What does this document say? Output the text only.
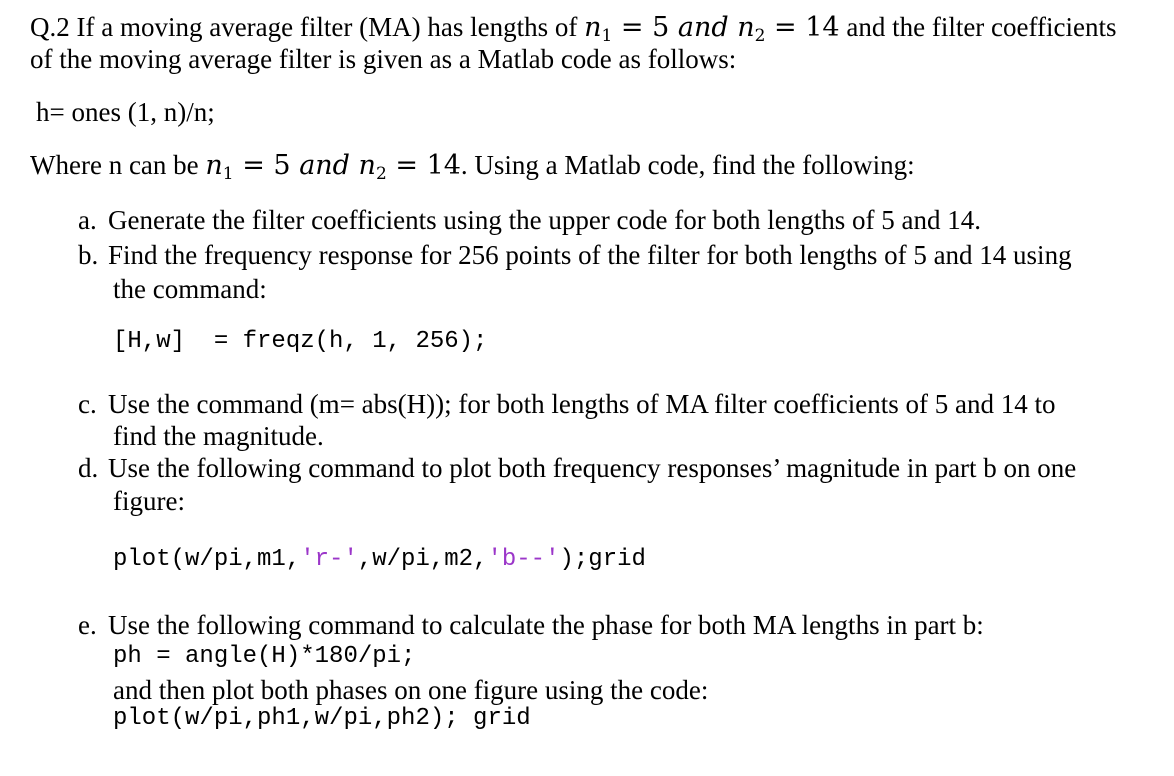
Q.2 If a moving average filter (MA) has lengths of $n_1 = 5$ and $n_2 = 14$ and the filter coefficients
of the moving average filter is given as a Matlab code as follows:
h= ones (1, n)/n;
Where n can be $n_1 = 5$ and $n_2 = 14$. Using a Matlab code, find the following:
a. Generate the filter coefficients using the upper code for both lengths of 5 and 14.
b. Find the frequency response for 256 points of the filter for both lengths of 5 and 14 using
the command:
[H,w]  = freqz(h, 1, 256);
c. Use the command (m= abs(H)); for both lengths of MA filter coefficients of 5 and 14 to
find the magnitude.
d. Use the following command to plot both frequency responses’ magnitude in part b on one
figure:
plot(w/pi,m1,'r-',w/pi,m2,'b--');grid
e. Use the following command to calculate the phase for both MA lengths in part b:
ph = angle(H)*180/pi;
and then plot both phases on one figure using the code:
plot(w/pi,ph1,w/pi,ph2); grid
